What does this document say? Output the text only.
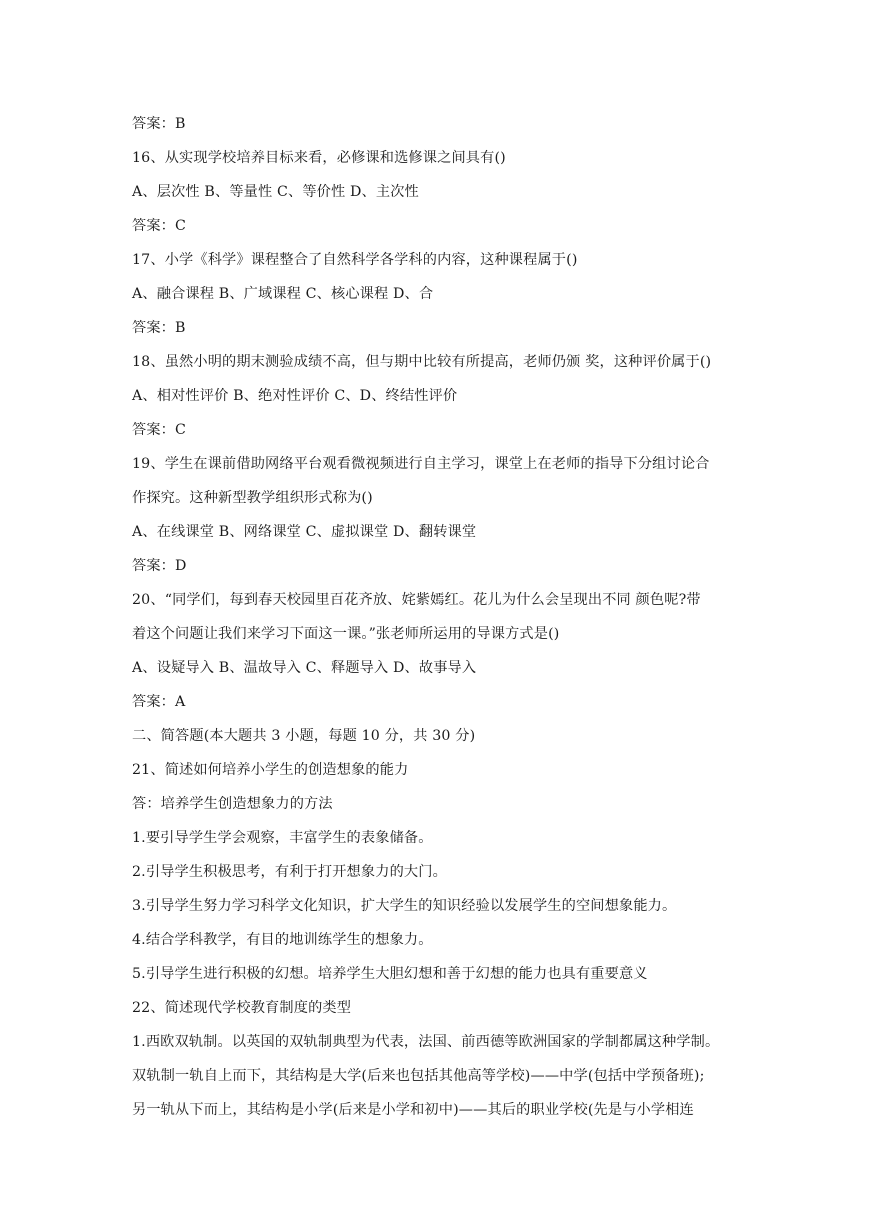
答案：B
16、从实现学校培养目标来看，必修课和选修课之间具有()
A、层次性 B、等量性 C、等价性 D、主次性
答案：C
17、小学《科学》课程整合了自然科学各学科的内容，这种课程属于()
A、融合课程 B、广域课程 C、核心课程 D、合
答案：B
18、虽然小明的期末测验成绩不高，但与期中比较有所提高，老师仍颁 奖，这种评价属于()
A、相对性评价 B、绝对性评价 C、D、终结性评价
答案：C
19、学生在课前借助网络平台观看微视频进行自主学习，课堂上在老师的指导下分组讨论合
作探究。这种新型教学组织形式称为()
A、在线课堂 B、网络课堂 C、虚拟课堂 D、翻转课堂
答案：D
20、“同学们，每到春天校园里百花齐放、姹紫嫣红。花儿为什么会呈现出不同 颜色呢?带
着这个问题让我们来学习下面这一课。”张老师所运用的导课方式是()
A、设疑导入 B、温故导入 C、释题导入 D、故事导入
答案：A
二、简答题(本大题共 3 小题，每题 10 分，共 30 分)
21、简述如何培养小学生的创造想象的能力
答：培养学生创造想象力的方法
1.要引导学生学会观察，丰富学生的表象储备。
2.引导学生积极思考，有利于打开想象力的大门。
3.引导学生努力学习科学文化知识，扩大学生的知识经验以发展学生的空间想象能力。
4.结合学科教学，有目的地训练学生的想象力。
5.引导学生进行积极的幻想。培养学生大胆幻想和善于幻想的能力也具有重要意义
22、简述现代学校教育制度的类型
1.西欧双轨制。以英国的双轨制典型为代表，法国、前西德等欧洲国家的学制都属这种学制。
双轨制一轨自上而下，其结构是大学(后来也包括其他高等学校)——中学(包括中学预备班);
另一轨从下而上，其结构是小学(后来是小学和初中)——其后的职业学校(先是与小学相连
